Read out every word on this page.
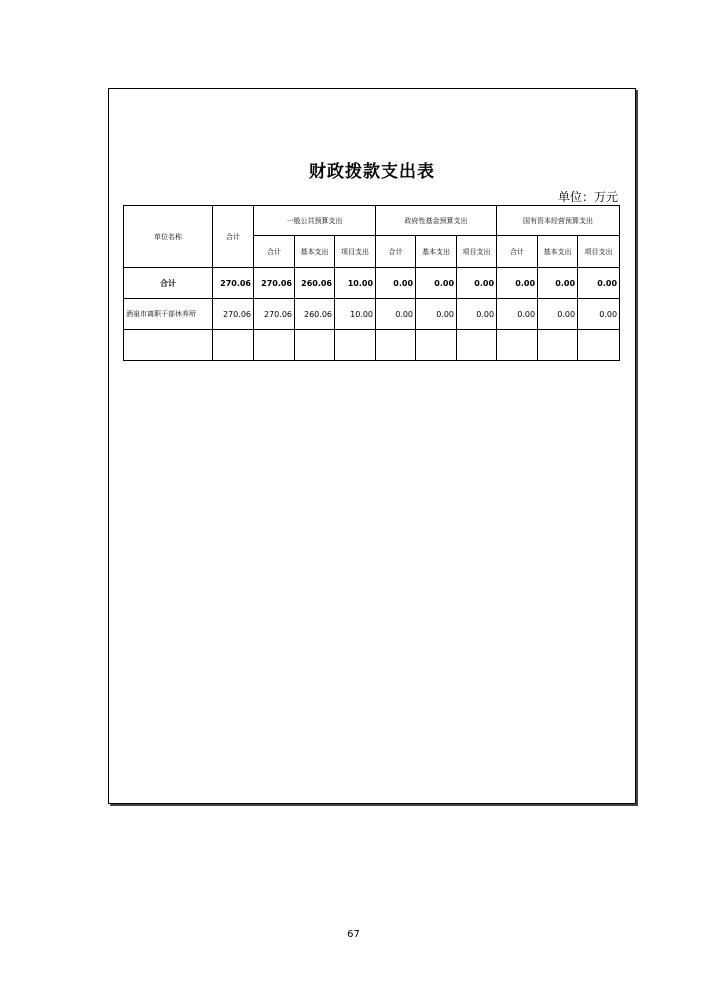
财政拨款支出表
单位：万元
单位名称	合计	一般公共预算支出			政府性基金预算支出			国有资本经营预算支出		
		合计	基本支出	项目支出	合计	基本支出	项目支出	合计	基本支出	项目支出
合计	270.06	270.06	260.06	10.00	0.00	0.00	0.00	0.00	0.00	0.00
酒泉市离职干部休养所	270.06	270.06	260.06	10.00	0.00	0.00	0.00	0.00	0.00	0.00

67
